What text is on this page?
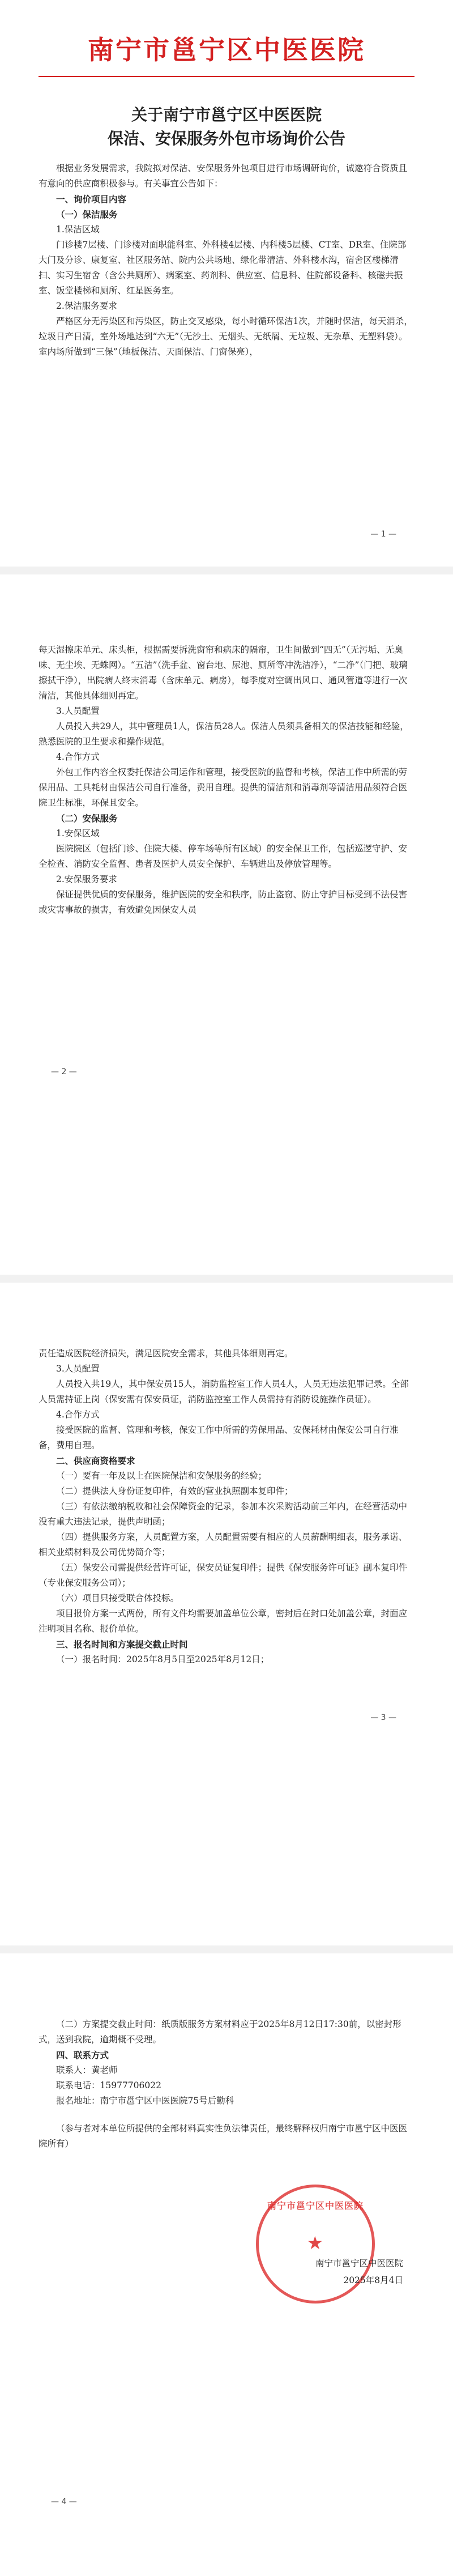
南宁市邕宁区中医医院
关于南宁市邕宁区中医医院
保洁、安保服务外包市场询价公告

根据业务发展需求，我院拟对保洁、安保服务外包项目进行市场调研询价，诚邀符合资质且有意向的供应商积极参与。有关事宜公告如下：

一、询价项目内容

（一）保洁服务

1.保洁区域

门诊楼7层楼、门诊楼对面职能科室、外科楼4层楼、内科楼5层楼、CT室、DR室、住院部大门及分诊、康复室、社区服务站、院内公共场地、绿化带清洁、外科楼水沟，宿舍区楼梯清扫、实习生宿舍（含公共厕所）、病案室、药剂科、供应室、信息科、住院部设备科、核磁共振室、饭堂楼梯和厕所、红星医务室。

2.保洁服务要求

严格区分无污染区和污染区，防止交叉感染，每小时循环保洁1次，并随时保洁，每天消杀，垃圾日产日清，室外场地达到“六无”（无沙土、无烟头、无纸屑、无垃圾、无杂草、无塑料袋）。室内场所做到“三保”（地板保洁、天面保洁、门窗保亮），

— 1 —

每天湿擦床单元、床头柜，根据需要拆洗窗帘和病床的隔帘，卫生间做到“四无”（无污垢、无臭味、无尘埃、无蛛网）。“五洁”（洗手盆、窗台地、尿池、厕所等冲洗洁净），“二净”（门把、玻璃擦拭干净），出院病人终末消毒（含床单元、病房），每季度对空调出风口、通风管道等进行一次清洁，其他具体细则再定。

3.人员配置

人员投入共29人，其中管理员1人，保洁员28人。保洁人员须具备相关的保洁技能和经验，熟悉医院的卫生要求和操作规范。

4.合作方式

外包工作内容全权委托保洁公司运作和管理，接受医院的监督和考核，保洁工作中所需的劳保用品、工具耗材由保洁公司自行准备，费用自理。提供的清洁剂和消毒剂等清洁用品须符合医院卫生标准，环保且安全。

（二）安保服务

1.安保区域

医院院区（包括门诊、住院大楼、停车场等所有区域）的安全保卫工作，包括巡逻守护、安全检查、消防安全监督、患者及医护人员安全保护、车辆进出及停放管理等。

2.安保服务要求

保证提供优质的安保服务，维护医院的安全和秩序，防止盗窃、防止守护目标受到不法侵害或灾害事故的损害，有效避免因保安人员

— 2 —

责任造成医院经济损失，满足医院安全需求，其他具体细则再定。

3.人员配置

人员投入共19人，其中保安员15人，消防监控室工作人员4人，人员无违法犯罪记录。全部人员需持证上岗（保安需有保安员证，消防监控室工作人员需持有消防设施操作员证）。

4.合作方式

接受医院的监督、管理和考核，保安工作中所需的劳保用品、安保耗材由保安公司自行准备，费用自理。

二、供应商资格要求

（一）要有一年及以上在医院保洁和安保服务的经验；

（二）提供法人身份证复印件，有效的营业执照副本复印件；

（三）有依法缴纳税收和社会保障资金的记录，参加本次采购活动前三年内，在经营活动中没有重大违法记录，提供声明函；

（四）提供服务方案，人员配置方案，人员配置需要有相应的人员薪酬明细表，服务承诺、相关业绩材料及公司优势简介等；

（五）保安公司需提供经营许可证，保安员证复印件；提供《保安服务许可证》副本复印件（专业保安服务公司）；

（六）项目只接受联合体投标。

项目报价方案一式两份，所有文件均需要加盖单位公章，密封后在封口处加盖公章，封面应注明项目名称、报价单位。

三、报名时间和方案提交截止时间

（一）报名时间：2025年8月5日至2025年8月12日；

— 3 —

（二）方案提交截止时间：纸质版服务方案材料应于2025年8月12日17:30前，以密封形式，送到我院，逾期概不受理。

四、联系方式

联系人：黄老师

联系电话：15977706022

报名地址：南宁市邕宁区中医医院75号后勤科

（参与者对本单位所提供的全部材料真实性负法律责任，最终解释权归南宁市邕宁区中医医院所有）

★
南宁市邕宁区中医医院

南宁市邕宁区中医医院

2025年8月4日

— 4 —
